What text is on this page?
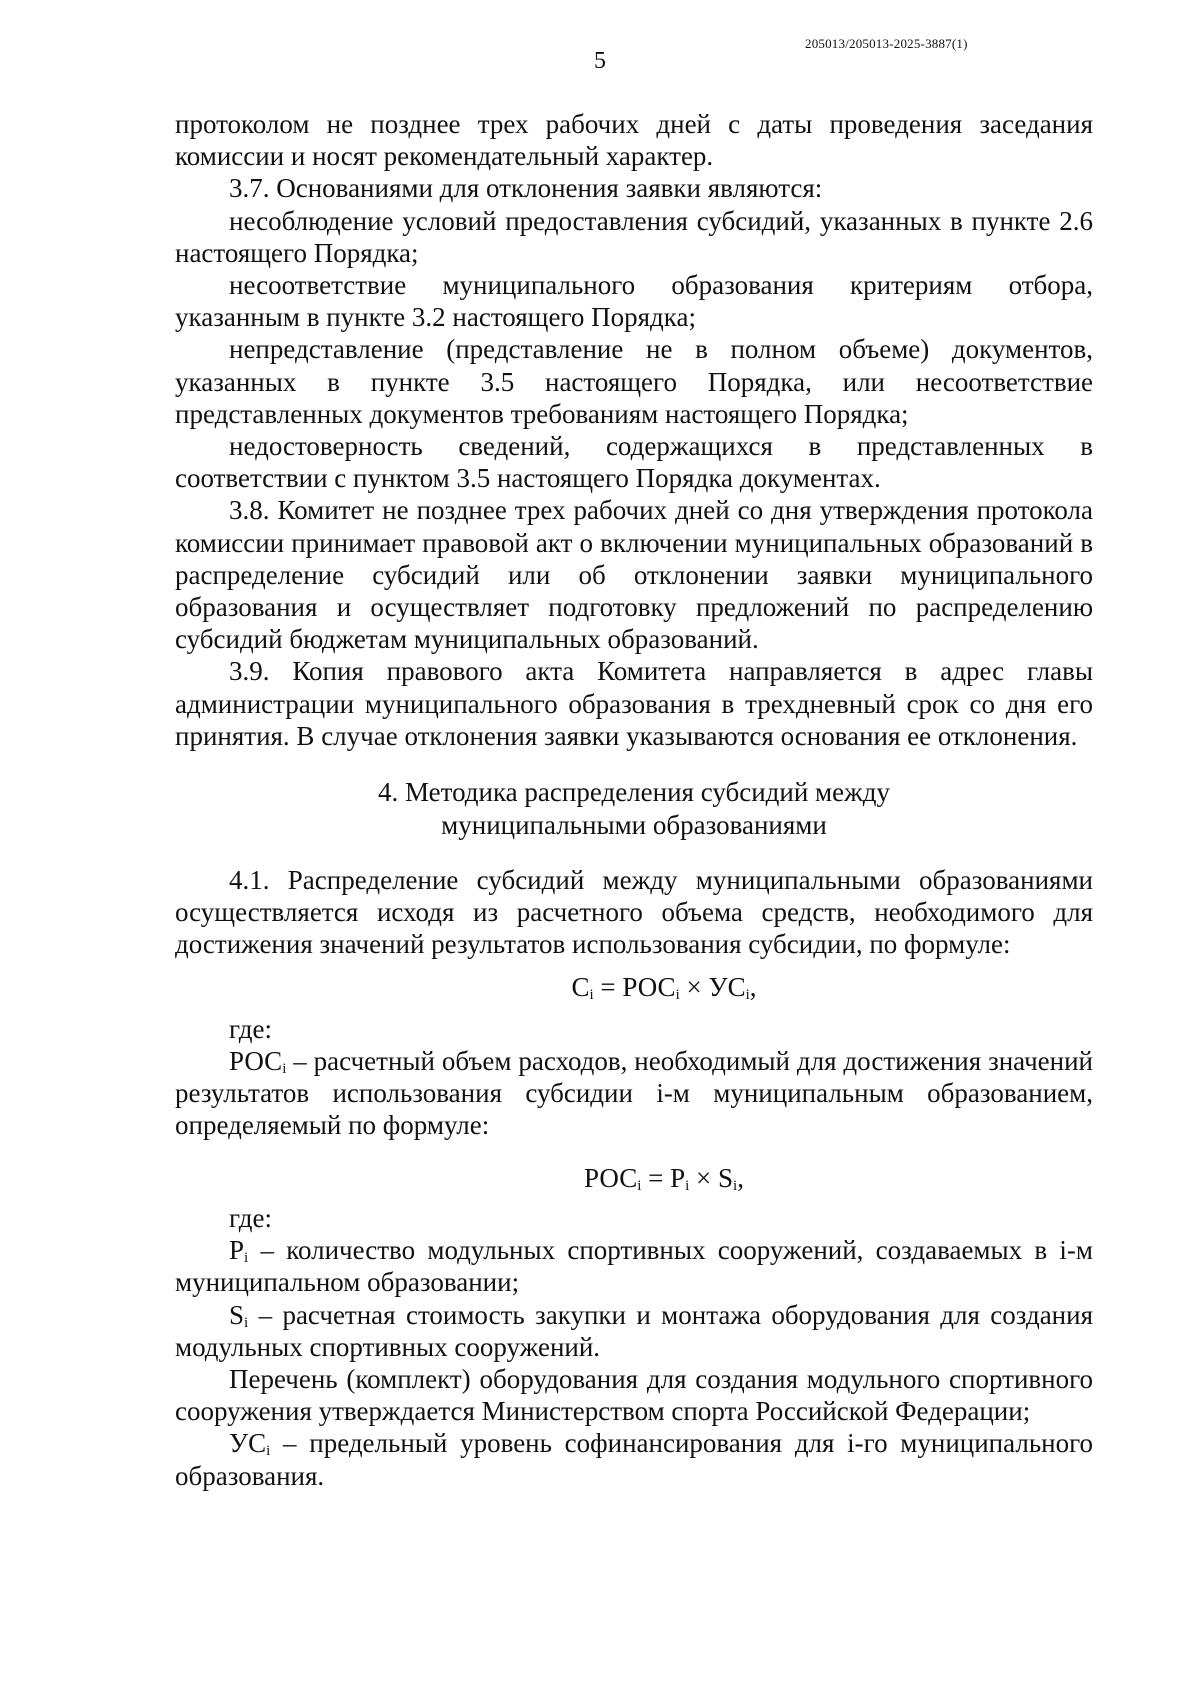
205013/205013-2025-3887(1)
5

протоколом не позднее трех рабочих дней с даты проведения заседания комиссии и носят рекомендательный характер.

3.7. Основаниями для отклонения заявки являются:

несоблюдение условий предоставления субсидий, указанных в пункте 2.6 настоящего Порядка;

несоответствие муниципального образования критериям отбора, указанным в пункте 3.2 настоящего Порядка;

непредставление (представление не в полном объеме) документов, указанных в пункте 3.5 настоящего Порядка, или несоответствие представленных документов требованиям настоящего Порядка;

недостоверность сведений, содержащихся в представленных в соответствии с пунктом 3.5 настоящего Порядка документах.

3.8. Комитет не позднее трех рабочих дней со дня утверждения протокола комиссии принимает правовой акт о включении муниципальных образований в распределение субсидий или об отклонении заявки муниципального образования и осуществляет подготовку предложений по распределению субсидий бюджетам муниципальных образований.

3.9. Копия правового акта Комитета направляется в адрес главы администрации муниципального образования в трехдневный срок со дня его принятия. В случае отклонения заявки указываются основания ее отклонения.

4. Методика распределения субсидий между
муниципальными образованиями

4.1. Распределение субсидий между муниципальными образованиями осуществляется исходя из расчетного объема средств, необходимого для достижения значений результатов использования субсидии, по формуле:

$C_i = РОС_i \times УС_i$,

где:

$РОС_i$ – расчетный объем расходов, необходимый для достижения значений результатов использования субсидии i-м муниципальным образованием, определяемый по формуле:

$РОС_i = P_i \times S_i$,

где:

$P_i$ – количество модульных спортивных сооружений, создаваемых в i-м муниципальном образовании;

$S_i$ – расчетная стоимость закупки и монтажа оборудования для создания модульных спортивных сооружений.

Перечень (комплект) оборудования для создания модульного спортивного сооружения утверждается Министерством спорта Российской Федерации;

$УС_i$ – предельный уровень софинансирования для i-го муниципального образования.
